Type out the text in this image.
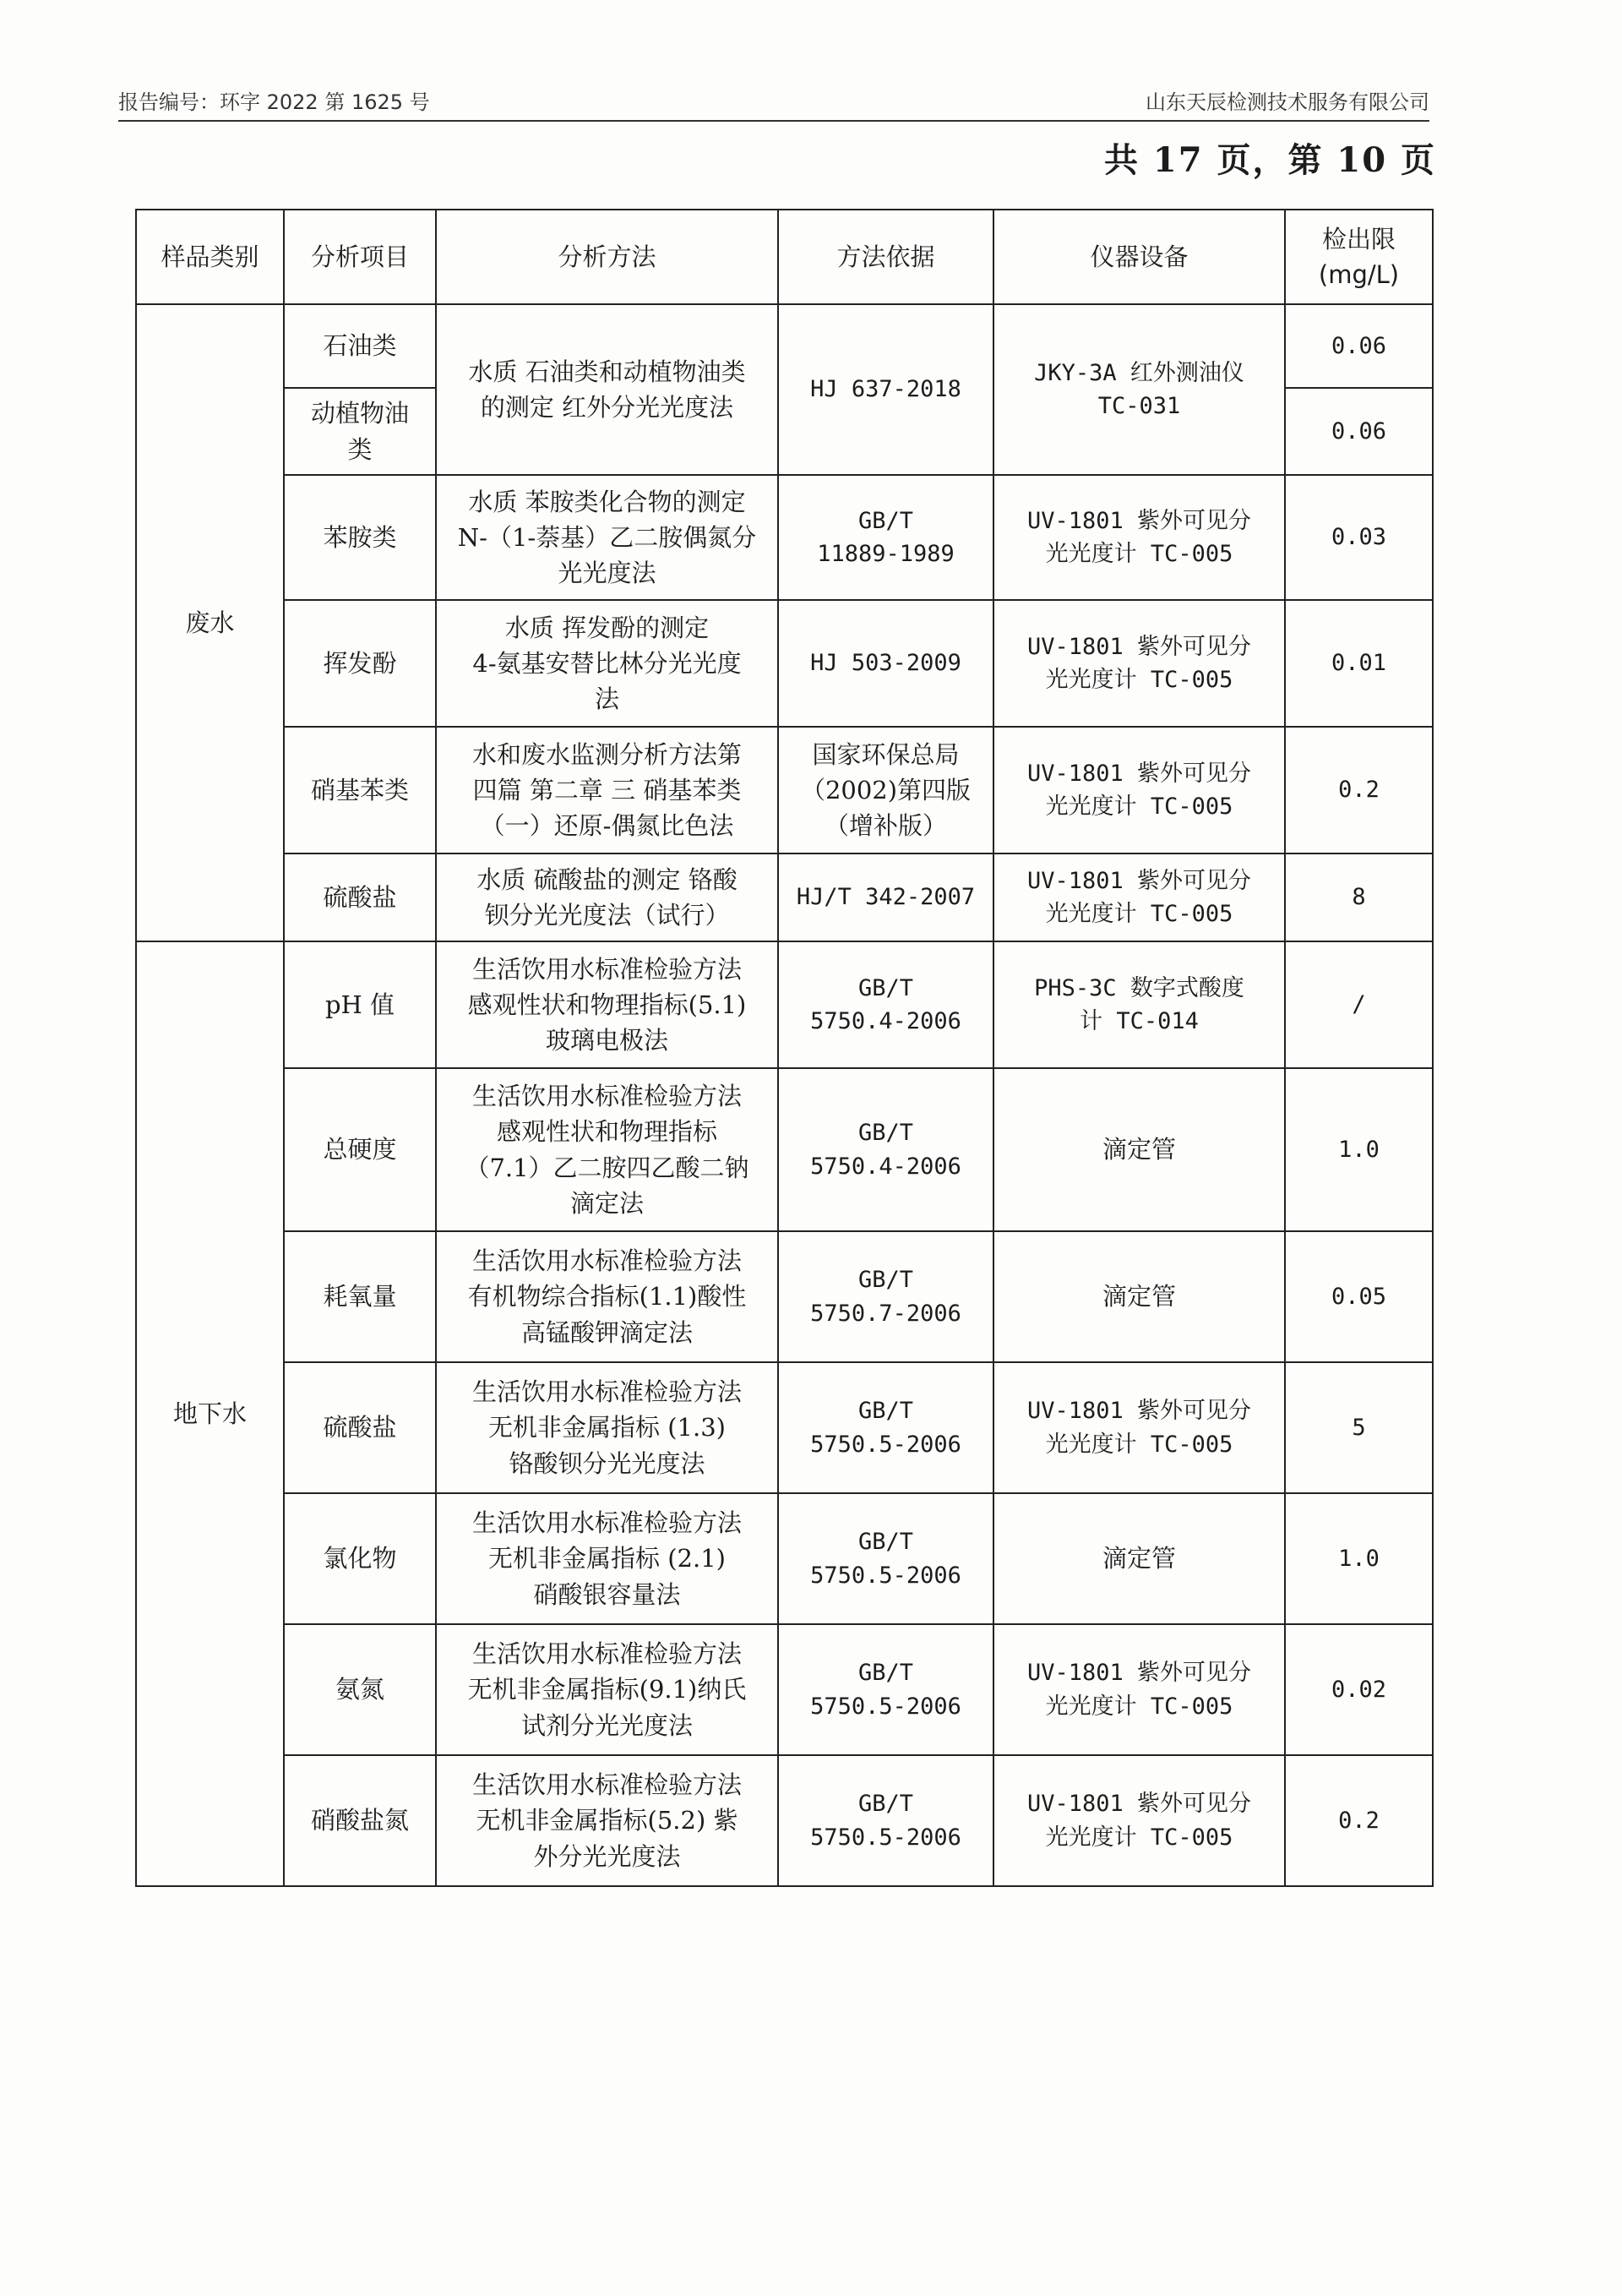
报告编号：环字 2022 第 1625 号	山东天辰检测技术服务有限公司
共 17 页，第 10 页
样品类别	分析项目	分析方法	方法依据	仪器设备	检出限
(mg/L)

废水	石油类	水质 石油类和动植物油类
的测定 红外分光光度法	HJ 637-2018	JKY-3A 红外测油仪
TC-031	0.06

	动植物油
类				0.06

	苯胺类	水质 苯胺类化合物的测定
N-（1-萘基）乙二胺偶氮分
光光度法	GB/T
11889-1989	UV-1801 紫外可见分
光光度计 TC-005	0.03

	挥发酚	水质 挥发酚的测定
4-氨基安替比林分光光度
法	HJ 503-2009	UV-1801 紫外可见分
光光度计 TC-005	0.01

	硝基苯类	水和废水监测分析方法第
四篇 第二章 三 硝基苯类
（一）还原-偶氮比色法	国家环保总局
（2002)第四版
（增补版）	UV-1801 紫外可见分
光光度计 TC-005	0.2

	硫酸盐	水质 硫酸盐的测定 铬酸
钡分光光度法（试行）	HJ/T 342-2007	UV-1801 紫外可见分
光光度计 TC-005	8

地下水	pH 值	生活饮用水标准检验方法
感观性状和物理指标(5.1)
玻璃电极法	GB/T
5750.4-2006	PHS-3C 数字式酸度
计 TC-014	/

	总硬度	生活饮用水标准检验方法
感观性状和物理指标
（7.1）乙二胺四乙酸二钠
滴定法	GB/T
5750.4-2006	滴定管	1.0

	耗氧量	生活饮用水标准检验方法
有机物综合指标(1.1)酸性
高锰酸钾滴定法	GB/T
5750.7-2006	滴定管	0.05

	硫酸盐	生活饮用水标准检验方法
无机非金属指标 (1.3)
铬酸钡分光光度法	GB/T
5750.5-2006	UV-1801 紫外可见分
光光度计 TC-005	5

	氯化物	生活饮用水标准检验方法
无机非金属指标 (2.1)
硝酸银容量法	GB/T
5750.5-2006	滴定管	1.0

	氨氮	生活饮用水标准检验方法
无机非金属指标(9.1)纳氏
试剂分光光度法	GB/T
5750.5-2006	UV-1801 紫外可见分
光光度计 TC-005	0.02

	硝酸盐氮	生活饮用水标准检验方法
无机非金属指标(5.2) 紫
外分光光度法	GB/T
5750.5-2006	UV-1801 紫外可见分
光光度计 TC-005	0.2
